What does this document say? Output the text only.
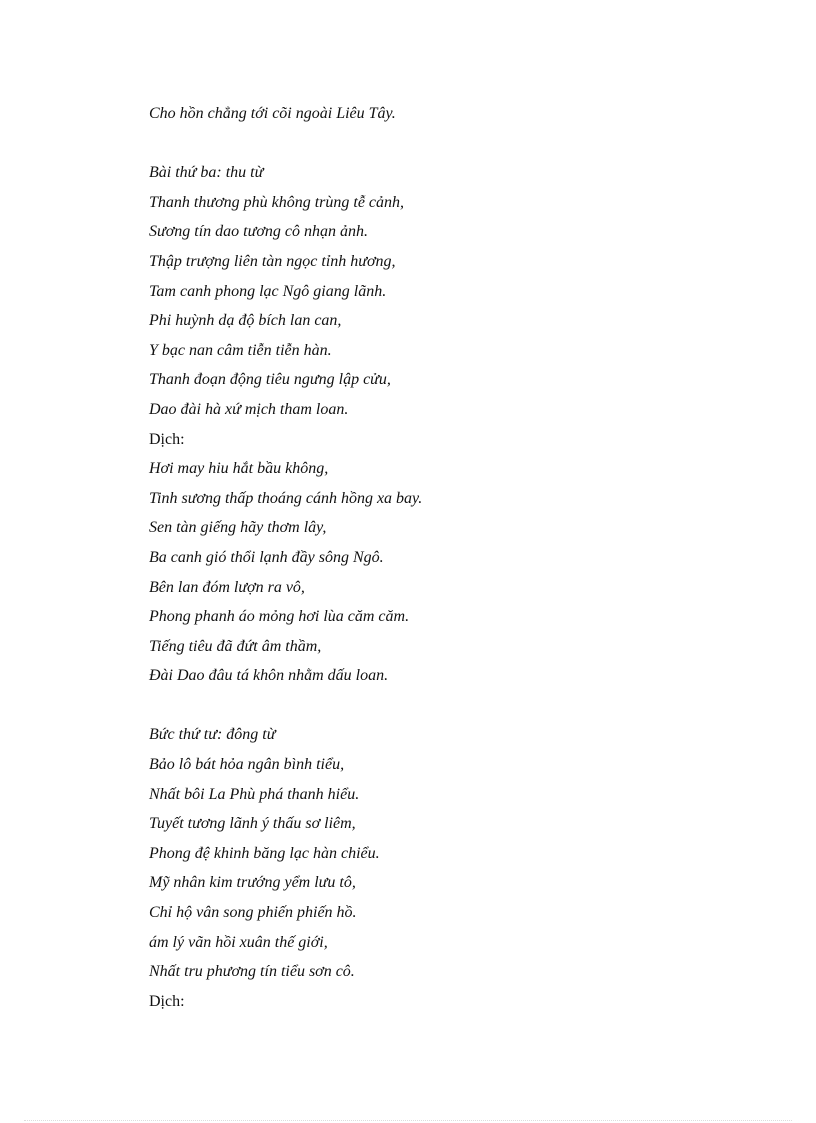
Cho hồn chẳng tới cõi ngoài Liêu Tây.
Bài thứ ba: thu từ
Thanh thương phù không trùng tễ cảnh,
Sương tín dao tương cô nhạn ảnh.
Thập trượng liên tàn ngọc tỉnh hương,
Tam canh phong lạc Ngô giang lãnh.
Phi huỳnh dạ độ bích lan can,
Y bạc nan câm tiễn tiễn hàn.
Thanh đoạn động tiêu ngưng lập cửu,
Dao đài hà xứ mịch tham loan.
Dịch:
Hơi may hiu hắt bầu không,
Tinh sương thấp thoáng cánh hồng xa bay.
Sen tàn giếng hãy thơm lây,
Ba canh gió thổi lạnh đầy sông Ngô.
Bên lan đóm lượn ra vô,
Phong phanh áo mỏng hơi lùa căm căm.
Tiếng tiêu đã đứt âm thầm,
Đài Dao đâu tá khôn nhằm dấu loan.
Bức thứ tư: đông từ
Bảo lô bát hỏa ngân bình tiểu,
Nhất bôi La Phù phá thanh hiểu.
Tuyết tương lãnh ý thấu sơ liêm,
Phong đệ khinh băng lạc hàn chiểu.
Mỹ nhân kim trướng yểm lưu tô,
Chỉ hộ vân song phiến phiến hồ.
ám lý vãn hồi xuân thế giới,
Nhất tru phương tín tiểu sơn cô.
Dịch:
